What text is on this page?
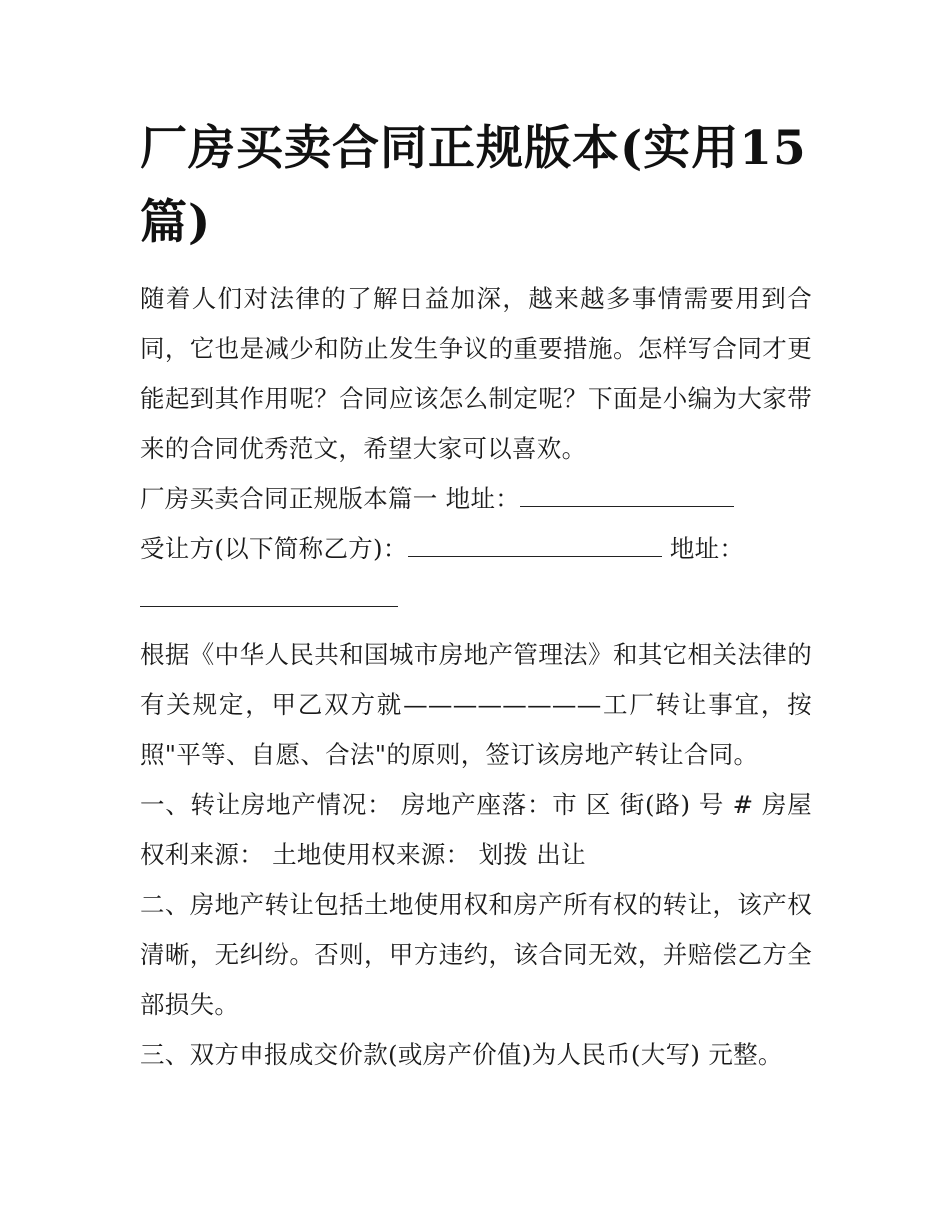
厂房买卖合同正规版本(实用15篇)

随着人们对法律的了解日益加深，越来越多事情需要用到合同，它也是减少和防止发生争议的重要措施。怎样写合同才更能起到其作用呢？合同应该怎么制定呢？下面是小编为大家带来的合同优秀范文，希望大家可以喜欢。

厂房买卖合同正规版本篇一 地址：

受让方(以下简称乙方)：	地址：

根据《中华人民共和国城市房地产管理法》和其它相关法律的有关规定，甲乙双方就————————工厂转让事宜，按照"平等、自愿、合法"的原则，签订该房地产转让合同。

一、转让房地产情况： 房地产座落：市 区 街(路) 号 # 房屋权利来源： 土地使用权来源： 划拨 出让

二、房地产转让包括土地使用权和房产所有权的转让，该产权清晰，无纠纷。否则，甲方违约，该合同无效，并赔偿乙方全部损失。

三、双方申报成交价款(或房产价值)为人民币(大写) 元整。
